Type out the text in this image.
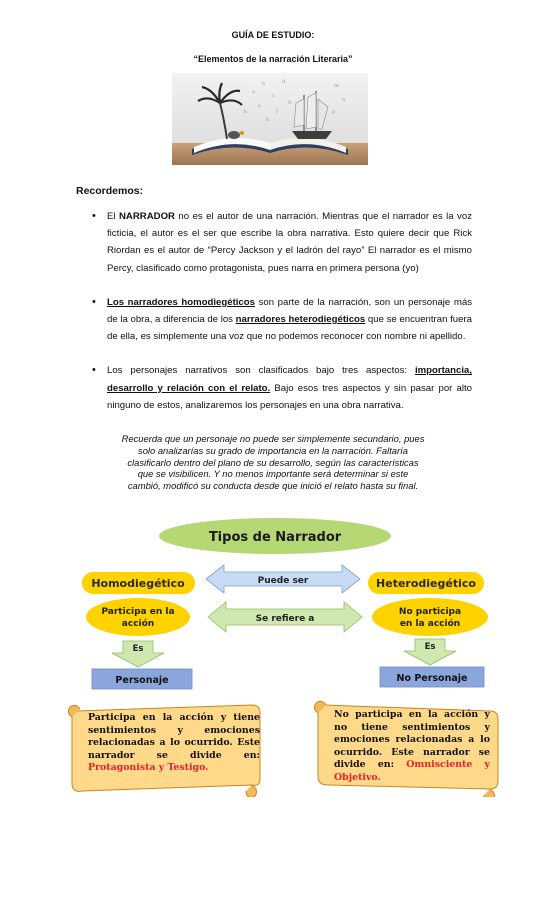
GUÍA DE ESTUDIO:
“Elementos de la narración Literaria”
a
b
c
d
e
f
g
h
k
m
n
p
Recordemos:
• El NARRADOR no es el autor de una narración. Mientras que el narrador es la voz ficticia, el autor es el ser que escribe la obra narrativa. Esto quiere decir que Rick Riordan es el autor de “Percy Jackson y el ladrón del rayo” El narrador es el mismo Percy, clasificado como protagonista, pues narra en primera persona (yo)
• Los narradores homodiegéticos son parte de la narración, son un personaje más de la obra, a diferencia de los narradores heterodiegéticos que se encuentran fuera de ella, es simplemente una voz que no podemos reconocer con nombre ni apellido.
• Los personajes narrativos son clasificados bajo tres aspectos: importancia, desarrollo y relación con el relato. Bajo esos tres aspectos y sin pasar por alto ninguno de estos, analizaremos los personajes en una obra narrativa.
Recuerda que un personaje no puede ser simplemente secundario, pues solo analizarías su grado de importancia en la narración. Faltaría clasificarlo dentro del plano de su desarrollo, según las características que se visibilicen. Y no menos importante será determinar si este cambió, modificó su conducta desde que inició el relato hasta su final.
Tipos de Narrador
Homodiegético	Heterodiegético
Puede ser
Participa en la
acción
No participa
en la acción
Se refiere a
Es	Es
Personaje	No Personaje
Participa en la acción y tiene sentimientos y emociones relacionadas a lo ocurrido. Este narrador se divide en: Protagonista y Testigo.
No participa en la acción y no tiene sentimientos y emociones relacionadas a lo ocurrido. Este narrador se divide en: Omnisciente y Objetivo.
